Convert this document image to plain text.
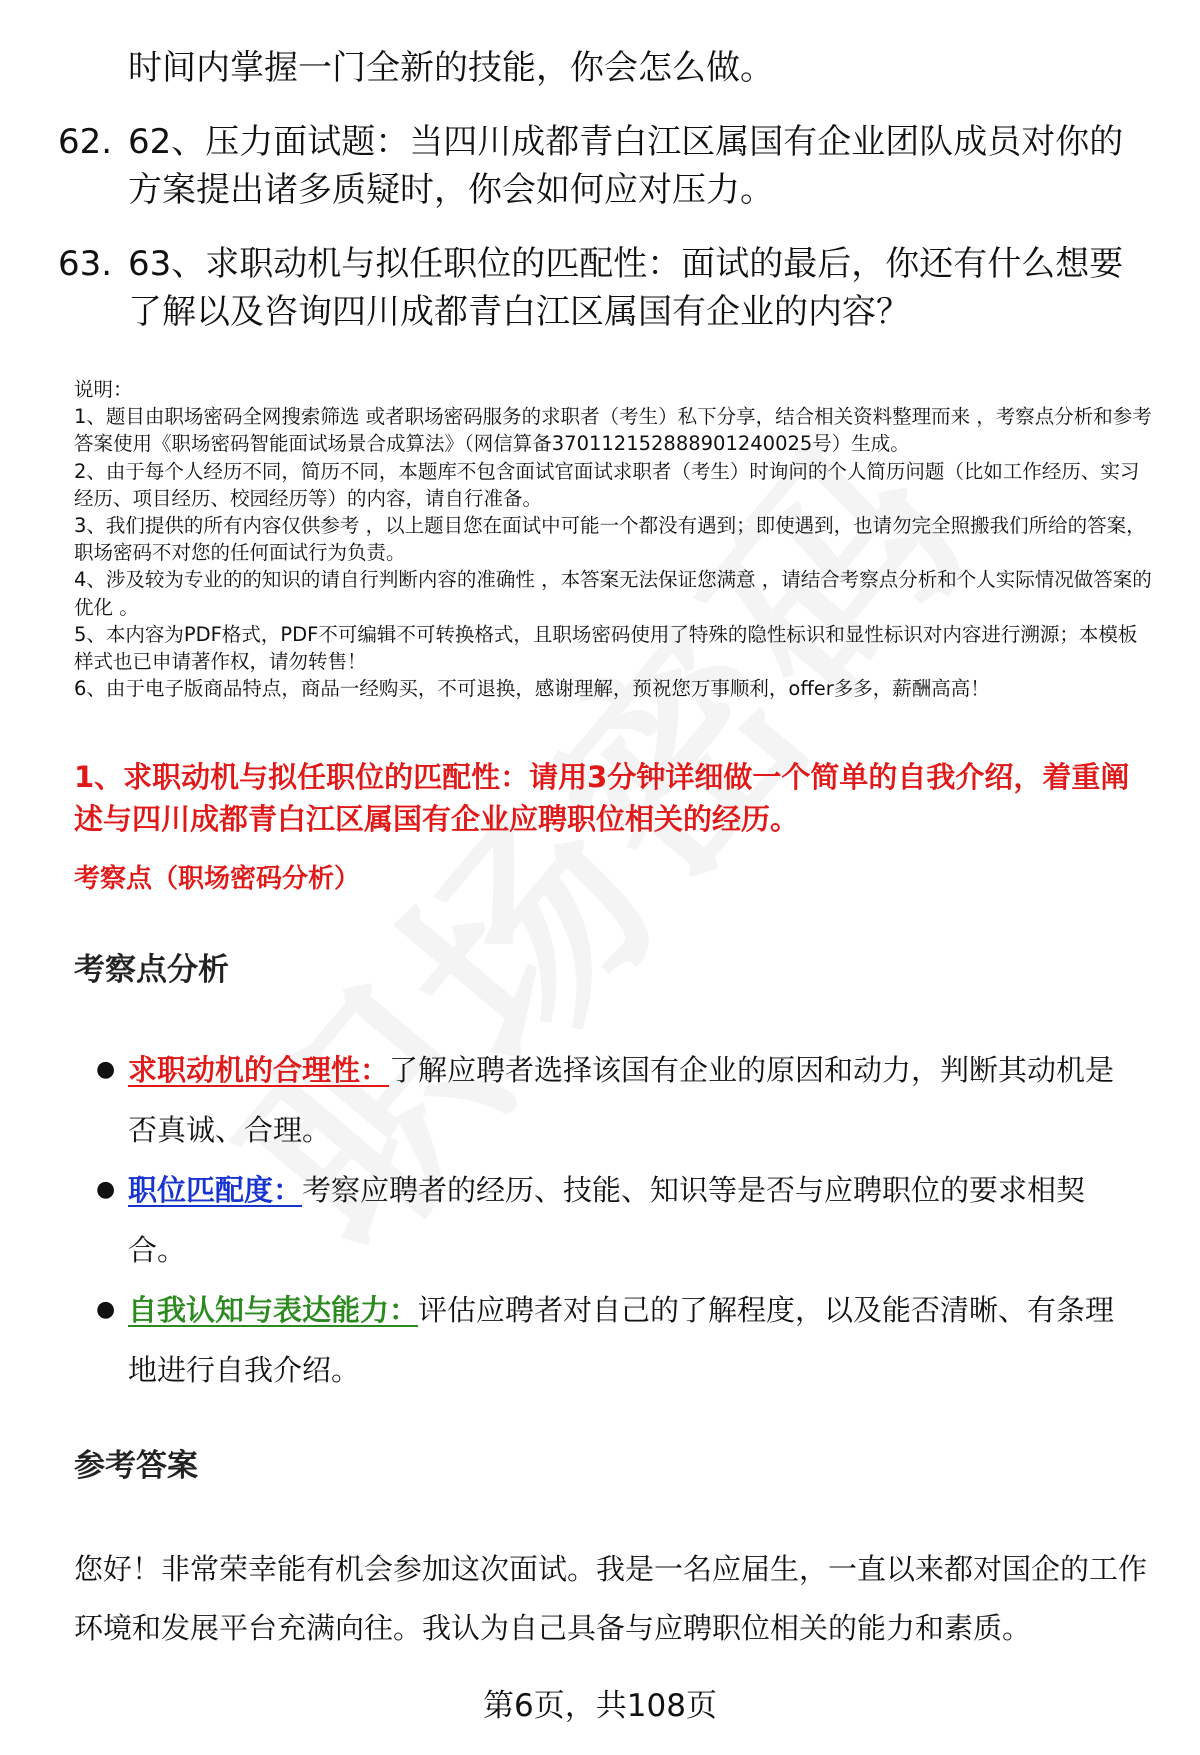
时间内掌握一门全新的技能，你会怎么做。
62. 62、压力面试题：当四川成都青白江区属国有企业团队成员对你的方案提出诸多质疑时，你会如何应对压力。
63. 63、求职动机与拟任职位的匹配性：面试的最后，你还有什么想要了解以及咨询四川成都青白江区属国有企业的内容？
说明：
1、题目由职场密码全网搜索筛选 或者职场密码服务的求职者（考生）私下分享，结合相关资料整理而来 ，考察点分析和参考答案使用《职场密码智能面试场景合成算法》（网信算备370112152888901240025号）生成。
2、由于每个人经历不同，简历不同，本题库不包含面试官面试求职者（考生）时询问的个人简历问题（比如工作经历、实习经历、项目经历、校园经历等）的内容，请自行准备。
3、我们提供的所有内容仅供参考 ，以上题目您在面试中可能一个都没有遇到；即使遇到，也请勿完全照搬我们所给的答案，职场密码不对您的任何面试行为负责。
4、涉及较为专业的的知识的请自行判断内容的准确性 ，本答案无法保证您满意 ，请结合考察点分析和个人实际情况做答案的优化 。
5、本内容为PDF格式，PDF不可编辑不可转换格式，且职场密码使用了特殊的隐性标识和显性标识对内容进行溯源；本模板样式也已申请著作权，请勿转售！
6、由于电子版商品特点，商品一经购买，不可退换，感谢理解，预祝您万事顺利，offer多多，薪酬高高！
1、求职动机与拟任职位的匹配性：请用3分钟详细做一个简单的自我介绍，着重阐述与四川成都青白江区属国有企业应聘职位相关的经历。
考察点（职场密码分析）
考察点分析
● 求职动机的合理性：了解应聘者选择该国有企业的原因和动力，判断其动机是否真诚、合理。
● 职位匹配度：考察应聘者的经历、技能、知识等是否与应聘职位的要求相契合。
● 自我认知与表达能力：评估应聘者对自己的了解程度，以及能否清晰、有条理地进行自我介绍。
参考答案
您好！非常荣幸能有机会参加这次面试。我是一名应届生，一直以来都对国企的工作环境和发展平台充满向往。我认为自己具备与应聘职位相关的能力和素质。
第6页，共108页
